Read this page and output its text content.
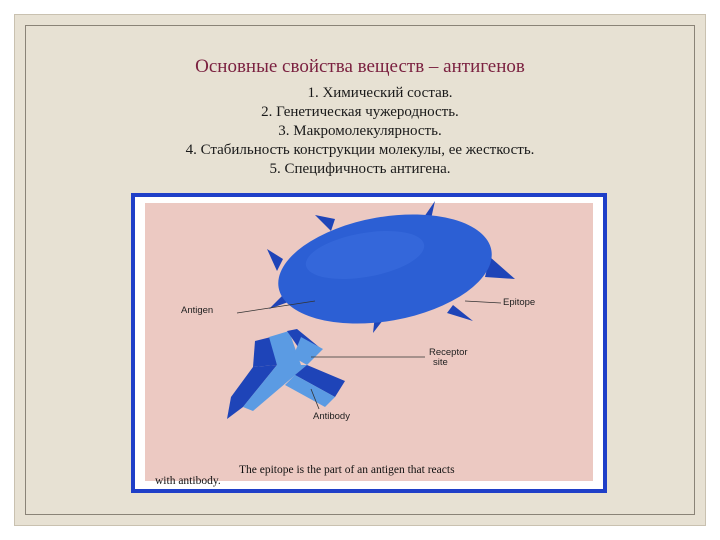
Основные свойства веществ – антигенов
1. Химический состав.
2. Генетическая чужеродность.
3. Макромолекулярность.
4. Стабильность конструкции молекулы, ее жесткость.
5. Специфичность антигена.
Antigen
Epitope
Receptor
site
Antibody
The epitope is the part of an antigen that reacts
with antibody.
